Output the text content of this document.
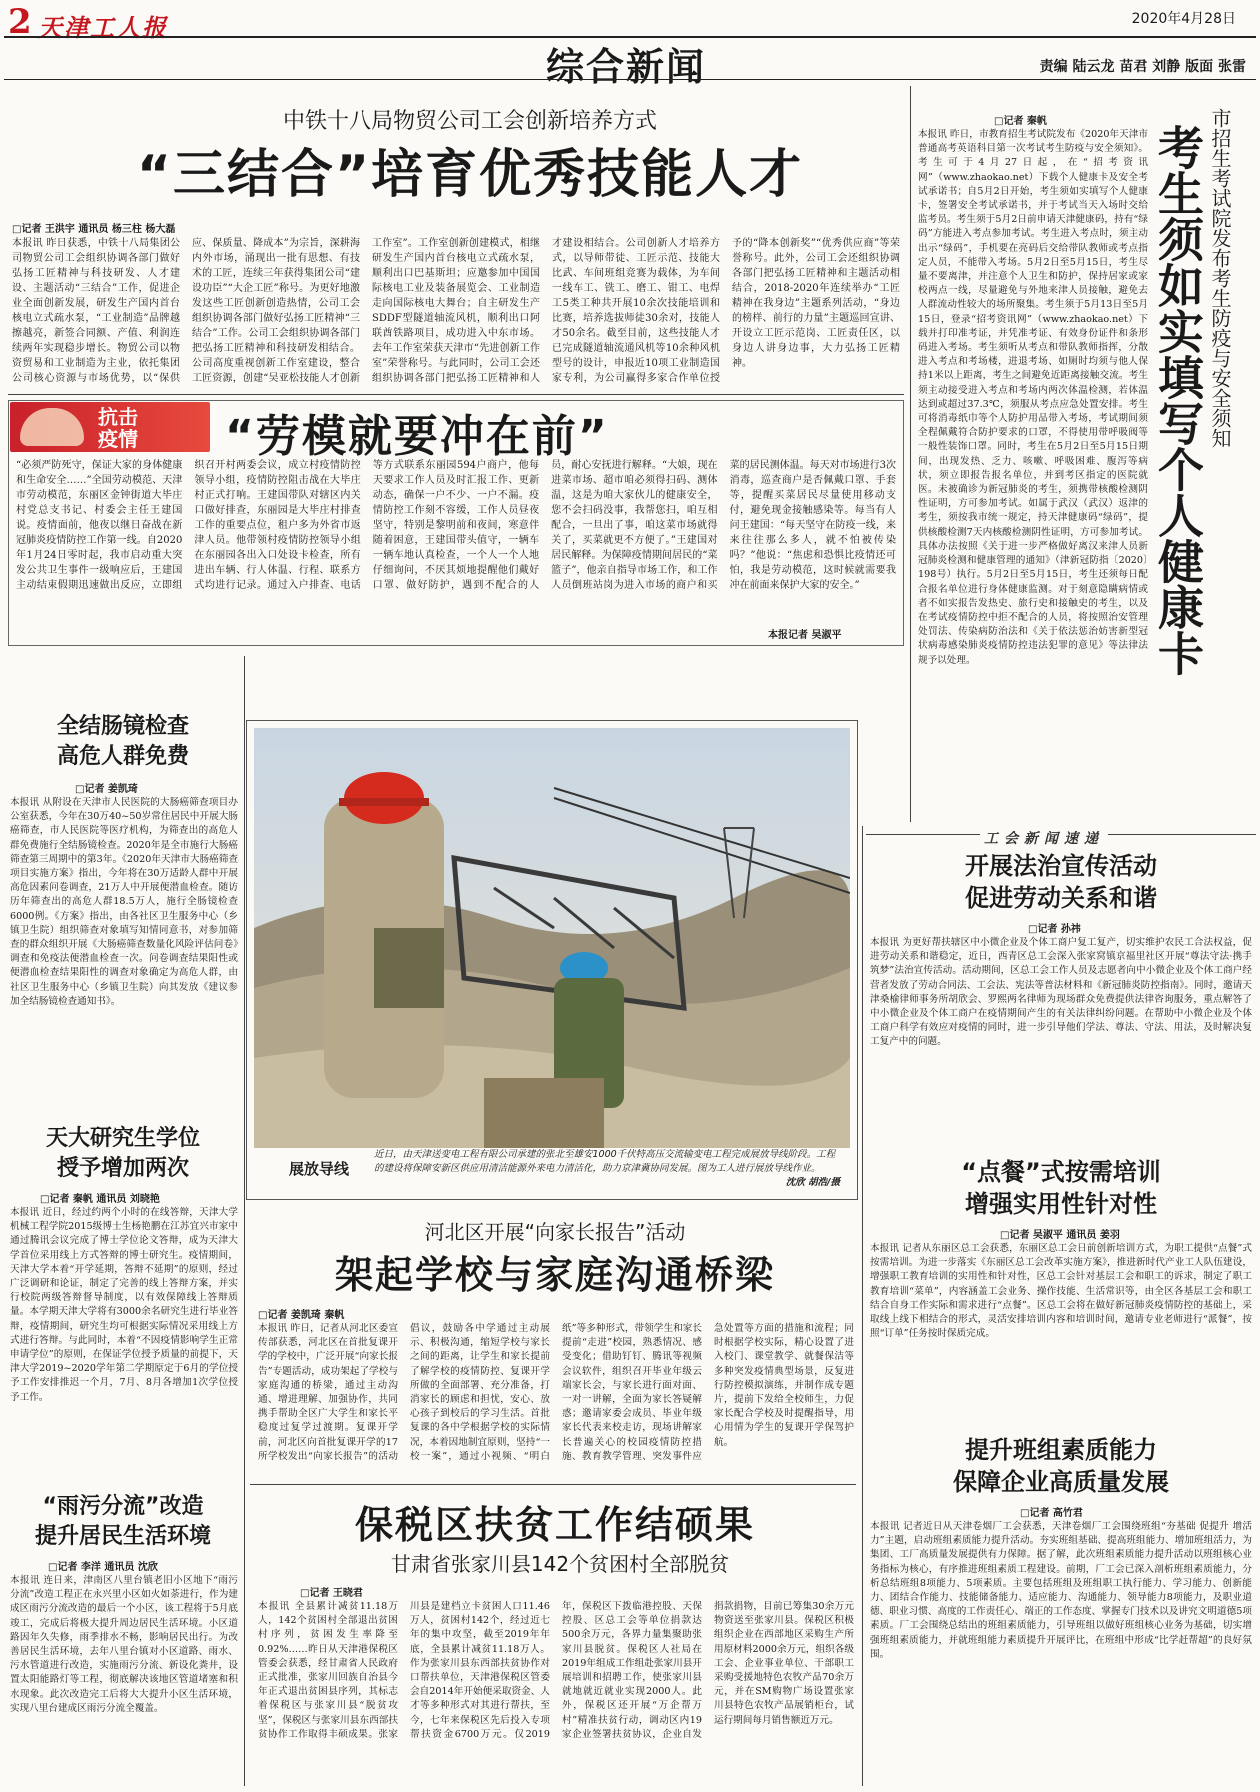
2 天津工人报	2020年4月28日
综合新闻	责编 陆云龙 苗君 刘静 版面 张雷
中铁十八局物贸公司工会创新培养方式
“三结合”培育优秀技能人才
□记者 王洪宇 通讯员 杨三柱 杨大磊
本报讯 昨日获悉，中铁十八局集团公司物贸公司工会组织协调各部门做好弘扬工匠精神与科技研发、人才建设、主题活动“三结合”工作，促进企业全面创新发展，研发生产国内首台核电立式疏水泵，“工业制造”品牌越擦越亮，新签合同额、产值、利润连续两年实现稳步增长。物贸公司以物资贸易和工业制造为主业，依托集团公司核心资源与市场优势，以“保供应、保质量、降成本”为宗旨，深耕海内外市场，涌现出一批有思想、有技术的工匠，连续三年获得集团公司“建设功臣”“大企工匠”称号。为更好地激发这些工匠创新创造热情，公司工会组织协调各部门做好弘扬工匠精神“三结合”工作。公司工会组织协调各部门把弘扬工匠精神和科技研发相结合。公司高度重视创新工作室建设，整合工匠资源，创建“吴亚松技能人才创新工作室”。工作室创新创建模式，相继研发生产国内首台核电立式疏水泵，顺利出口巴基斯坦；应邀参加中国国际核电工业及装备展览会、工业制造走向国际核电大舞台；自主研发生产SDDF型隧道轴流风机，顺利出口阿联酋铁路项目，成功进入中东市场。去年工作室荣获天津市“先进创新工作室”荣誉称号。与此同时，公司工会还组织协调各部门把弘扬工匠精神和人才建设相结合。公司创新人才培养方式，以导师带徒、工匠示范、技能大比武、车间班组竞赛为载体，为车间一线车工、铣工、磨工、钳工、电焊工5类工种共开展10余次技能培训和比赛，培养选拔师徒30余对，技能人才50余名。截至目前，这些技能人才已完成隧道轴流通风机等10余种风机型号的设计，申报近10项工业制造国家专利，为公司赢得多家合作单位授予的“降本创新奖”“优秀供应商”等荣誉称号。此外，公司工会还组织协调各部门把弘扬工匠精神和主题活动相结合，2018-2020年连续举办“工匠精神在我身边”主题系列活动，“身边的榜样、前行的力量”主题巡回宣讲、开设立工匠示范岗、工匠责任区，以身边人讲身边事，大力弘扬工匠精神。
抗击
疫情 “劳模就要冲在前”
“必须严防死守，保证大家的身体健康和生命安全……”全国劳动模范、天津市劳动模范，东丽区金钟街道大毕庄村党总支书记、村委会主任王建国说。疫情面前，他夜以继日奋战在新冠肺炎疫情防控工作第一线。自2020年1月24日零时起，我市启动重大突发公共卫生事件一级响应后，王建国主动结束假期迅速做出反应，立即组织召开村两委会议，成立村疫情防控领导小组，疫情防控阻击战在大毕庄村正式打响。王建国带队对辖区内关口做好排查，东丽园是大毕庄村排查工作的重要点位，租户多为外省市返津人员。他带领村疫情防控领导小组在东丽园各出入口处设卡检查，所有进出车辆、行人体温、行程、联系方式均进行记录。通过入户排查、电话等方式联系东丽园594户商户，他每天要求工作人员及时汇报工作、更新动态，确保一户不少、一户不漏。疫情防控工作刻不容缓，工作人员昼夜坚守，特别是黎明前和夜间，寒意伴随着困意，王建国带头值守，一辆车一辆车地认真检查，一个人一个人地仔细询问，不厌其烦地提醒他们戴好口罩、做好防护，遇到不配合的人员，耐心安抚进行解释。“大娘，现在进菜市场、超市咱必须得扫码、测体温，这是为咱大家伙儿的健康安全，您不会扫码没事，我帮您扫，咱互相配合，一旦出了事，咱这菜市场就得关了，买菜就更不方便了。”王建国对居民解释。为保障疫情期间居民的“菜篮子”，他亲自指导市场工作，和工作人员倒班站岗为进入市场的商户和买菜的居民测体温。每天对市场进行3次消毒，巡查商户是否佩戴口罩、手套等，提醒买菜居民尽量使用移动支付，避免现金接触感染等。每当有人问王建国：“每天坚守在防疫一线，来来往往那么多人，就不怕被传染吗？”他说：“焦虑和恐惧比疫情还可怕，我是劳动模范，这时候就需要我冲在前面来保护大家的安全。”
本报记者 吴淑平
□记者 秦帆
本报讯 昨日，市教育招生考试院发布《2020年天津市普通高考英语科目第一次考试考生防疫与安全须知》。考生可于4月27日起，在“招考资讯网”（www.zhaokao.net）下载个人健康卡及安全考试承诺书；自5月2日开始，考生须如实填写个人健康卡，签署安全考试承诺书，并于考试当天入场时交给监考员。考生须于5月2日前申请天津健康码，持有“绿码”方能进入考点参加考试。考生进入考点时，须主动出示“绿码”，手机要在亮码后交给带队教师或考点指定人员，不能带入考场。5月2日至5月15日，考生尽量不要离津，并注意个人卫生和防护，保持居家或家校两点一线，尽量避免与外地来津人员接触，避免去人群流动性较大的场所聚集。考生须于5月13日至5月15日，登录“招考资讯网”（www.zhaokao.net）下载并打印准考证，并凭准考证、有效身份证件和条形码进入考场。考生须听从考点和带队教师指挥，分散进入考点和考场楼，进退考场、如厕时均须与他人保持1米以上距离，考生之间避免近距离接触交流。考生须主动接受进入考点和考场内两次体温检测，若体温达到或超过37.3℃，须服从考点应急处置安排。考生可将消毒纸巾等个人防护用品带入考场，考试期间须全程佩戴符合防护要求的口罩，不得使用带呼吸阀等一般性装饰口罩。同时，考生在5月2日至5月15日期间，出现发热、乏力、咳嗽、呼吸困难、腹泻等病状，须立即报告报名单位，并到考区指定的医院就医。未被确诊为新冠肺炎的考生，须携带核酸检测阴性证明，方可参加考试。如属于武汉（武汉）返津的考生，须按我市统一规定，持天津健康码“绿码”，提供核酸检测7天内核酸检测阴性证明，方可参加考试。具体办法按照《关于进一步严格做好离汉来津人员新冠肺炎检测和健康管理的通知》（津新冠防指〔2020〕198号）执行。5月2日至5月15日，考生还须每日配合报名单位进行身体健康监测。对于刻意隐瞒病情或者不如实报告发热史、旅行史和接触史的考生，以及在考试疫情防控中拒不配合的人员，将按照治安管理处罚法、传染病防治法和《关于依法惩治妨害新型冠状病毒感染肺炎疫情防控违法犯罪的意见》等法律法规予以处理。
市招生考试院发布考生防疫与安全须知
考生须如实填写个人健康卡
全结肠镜检查
高危人群免费
□记者 姜凯琦
本报讯 从附设在天津市人民医院的大肠癌筛查项目办公室获悉，今年在30万40~50岁常住居民中开展大肠癌筛查，市人民医院等医疗机构，为筛查出的高危人群免费施行全结肠镜检查。2020年是全市施行大肠癌筛查第三周期中的第3年。《2020年天津市大肠癌筛查项目实施方案》指出，今年将在30万适龄人群中开展高危因素问卷调查，21万人中开展便潜血检查。随访历年筛查出的高危人群18.5万人，施行全肠镜检查6000例。《方案》指出，由各社区卫生服务中心（乡镇卫生院）组织筛查对象填写知情同意书，对参加筛查的群众组织开展《大肠癌筛查数量化风险评估问卷》调查和免疫法便潜血检查一次。问卷调查结果阳性或便潜血检查结果阳性的调查对象确定为高危人群，由社区卫生服务中心（乡镇卫生院）向其发放《建议参加全结肠镜检查通知书》。
天大研究生学位
授予增加两次
□记者 秦帆 通讯员 刘晓艳
本报讯 近日，经过约两个小时的在线答辩，天津大学机械工程学院2015级博士生杨艳鹏在江苏宜兴市家中通过腾讯会议完成了博士学位论文答辩，成为天津大学首位采用线上方式答辩的博士研究生。疫情期间，天津大学本着“开学延期，答辩不延期”的原则，经过广泛调研和论证，制定了完善的线上答辩方案，并实行校院两级答辩督导制度，以有效保障线上答辩质量。本学期天津大学将有3000余名研究生进行毕业答辩，疫情期间，研究生均可根据实际情况采用线上方式进行答辩。与此同时，本着“不因疫情影响学生正常申请学位”的原则，在保证学位授予质量的前提下，天津大学2019~2020学年第二学期原定于6月的学位授予工作安排推迟一个月，7月、8月各增加1次学位授予工作。
“雨污分流”改造
提升居民生活环境
□记者 李洋 通讯员 沈欣
本报讯 连日来，津南区八里台镇老旧小区地下“雨污分流”改造工程正在永兴里小区如火如荼进行，作为建成区雨污分流改造的最后一个小区，该工程将于5月底竣工，完成后将极大提升周边居民生活环境。小区道路因年久失修，雨季排水不畅，影响居民出行。为改善居民生活环境，去年八里台镇对小区道路、雨水、污水管道进行改造，实施雨污分流、新设化粪井，设置太阳能路灯等工程，彻底解决该地区管道堵塞和积水现象。此次改造完工后将大大提升小区生活环境，实现八里台建成区雨污分流全覆盖。
展放导线
近日，由天津送变电工程有限公司承建的张北至雄安1000千伏特高压交流输变电工程完成展放导线阶段。工程的建设将保障安新区供应用清洁能源外来电力清洁化，助力京津冀协同发展。图为工人进行展放导线作业。
沈欣 胡浩/摄
河北区开展“向家长报告”活动
架起学校与家庭沟通桥梁
□记者 姜凯琦 秦帆
本报讯 昨日，记者从河北区委宣传部获悉，河北区在首批复课开学的学校中，广泛开展“向家长报告”专题活动，成功架起了学校与家庭沟通的桥梁，通过主动沟通、增进理解、加强协作，共同携手帮助全区广大学生和家长平稳度过复学过渡期。复课开学前，河北区向首批复课开学的17所学校发出“向家长报告”的活动倡议，鼓励各中学通过主动展示、积极沟通，缩短学校与家长之间的距离，让学生和家长提前了解学校的疫情防控、复课开学所做的全面部署、充分准备，打消家长的顾虑和担忧，安心、放心孩子到校后的学习生活。首批复课的各中学根据学校的实际情况，本着因地制宜原则，坚持“一校一案”，通过小视频、“明白纸”等多种形式，带领学生和家长提前“走进”校园，熟悉情况、感受变化；借助钉钉、腾讯等视频会议软件，组织召开毕业年级云端家长会，与家长进行面对面、一对一讲解，全面为家长答疑解惑；邀请家委会成员、毕业年级家长代表来校走访，现场讲解家长普遍关心的校园疫情防控措施、教育教学管理、突发事件应急处置等方面的措施和流程；同时根据学校实际，精心设置了进入校门、课堂教学、就餐保洁等多种突发疫情典型场景，反复进行防控模拟演练，并制作成专题片，提前下发给全校师生，力促家长配合学校及时提醒指导，用心用情为学生的复课开学保驾护航。
保税区扶贫工作结硕果
甘肃省张家川县142个贫困村全部脱贫
□记者 王晓君
本报讯 全县累计减贫11.18万人，142个贫困村全部退出贫困村序列，贫困发生率降至0.92%……昨日从天津港保税区管委会获悉，经甘肃省人民政府正式批准，张家川回族自治县今年正式退出贫困县序列，其标志着保税区与张家川县“脱贫攻坚”，保税区与张家川县东西部扶贫协作工作取得丰硕成果。张家川县是建档立卡贫困人口11.46万人，贫困村142个，经过近七年的集中攻坚，截至2019年年底，全县累计减贫11.18万人。作为张家川县东西部扶贫协作对口帮扶单位，天津港保税区管委会自2014年开始便采取资金、人才等多种形式对其进行帮扶，至今，七年来保税区先后投入专项帮扶资金6700万元。仅2019年，保税区下拨临港控股、天保控股、区总工会等单位捐款达500余万元，各界力量集聚助张家川县脱贫。保税区人社局在2019年组成工作组赴张家川县开展培训和招聘工作，使张家川县就地就近就业实现2000人。此外，保税区还开展“万企帮万村”精准扶贫行动，调动区内19家企业签署扶贫协议，企业自发捐款捐物，目前已筹集30余万元物资送至张家川县。保税区积极组织企业在西部地区采购生产所用原材料2000余万元，组织各级工会、企业事业单位、干部职工采购受援地特色农牧产品70余万元，并在SM购物广场设置张家川县特色农牧产品展销柜台，试运行期间每月销售额近万元。
工会新闻速递
开展法治宣传活动
促进劳动关系和谐
□记者 孙祎
本报讯 为更好帮扶辖区中小微企业及个体工商户复工复产，切实维护农民工合法权益，促进劳动关系和谐稳定，近日，西青区总工会深入张家窝镇京福里社区开展“尊法守法·携手筑梦”法治宣传活动。活动期间，区总工会工作人员及志愿者向中小微企业及个体工商户经营者发放了劳动合同法、工会法、宪法等普法材料和《新冠肺炎防控指南》。同时，邀请天津桑榆律师事务所胡欣会、罗熙两名律师为现场群众免费提供法律咨询服务，重点解答了中小微企业及个体工商户在疫情期间产生的有关法律纠纷问题。在帮助中小微企业及个体工商户科学有效应对疫情的同时，进一步引导他们学法、尊法、守法、用法，及时解决复工复产中的问题。
“点餐”式按需培训
增强实用性针对性
□记者 吴淑平 通讯员 姜羽
本报讯 记者从东丽区总工会获悉，东丽区总工会日前创新培训方式，为职工提供“点餐”式按需培训。为进一步落实《东丽区总工会改革实施方案》，推进新时代产业工人队伍建设，增强职工教育培训的实用性和针对性，区总工会针对基层工会和职工的诉求，制定了职工教育培训“菜单”，内容涵盖工会业务、操作技能、生活常识等，由全区各基层工会和职工结合自身工作实际和需求进行“点餐”。区总工会将在做好新冠肺炎疫情防控的基础上，采取线上线下相结合的形式，灵活安排培训内容和培训时间，邀请专业老师进行“派餐”，按照“订单”任务按时保质完成。
提升班组素质能力
保障企业高质量发展
□记者 高竹君
本报讯 记者近日从天津卷烟厂工会获悉，天津卷烟厂工会围绕班组“夯基础 促提升 增活力”主题，启动班组素质能力提升活动。夯实班组基础、提高班组能力、增加班组活力，为集团、工厂高质量发展提供有力保障。据了解，此次班组素质能力提升活动以班组核心业务指标为核心，有序推进班组素质工程建设。前期，厂工会已深入剖析班组素质能力，分析总结班组8项能力、5项素质。主要包括班组及班组职工执行能力、学习能力、创新能力、团结合作能力、技能储备能力、适应能力、沟通能力、领导能力8项能力，及职业道德、职业习惯、高度的工作责任心、端正的工作态度、掌握专门技术以及讲究文明道德5项素质。厂工会围绕总结出的班组素质能力，引导班组以做好班组核心业务为基础，切实增强班组素质能力，并就班组能力素质提升开展评比，在班组中形成“比学赶帮超”的良好氛围。
